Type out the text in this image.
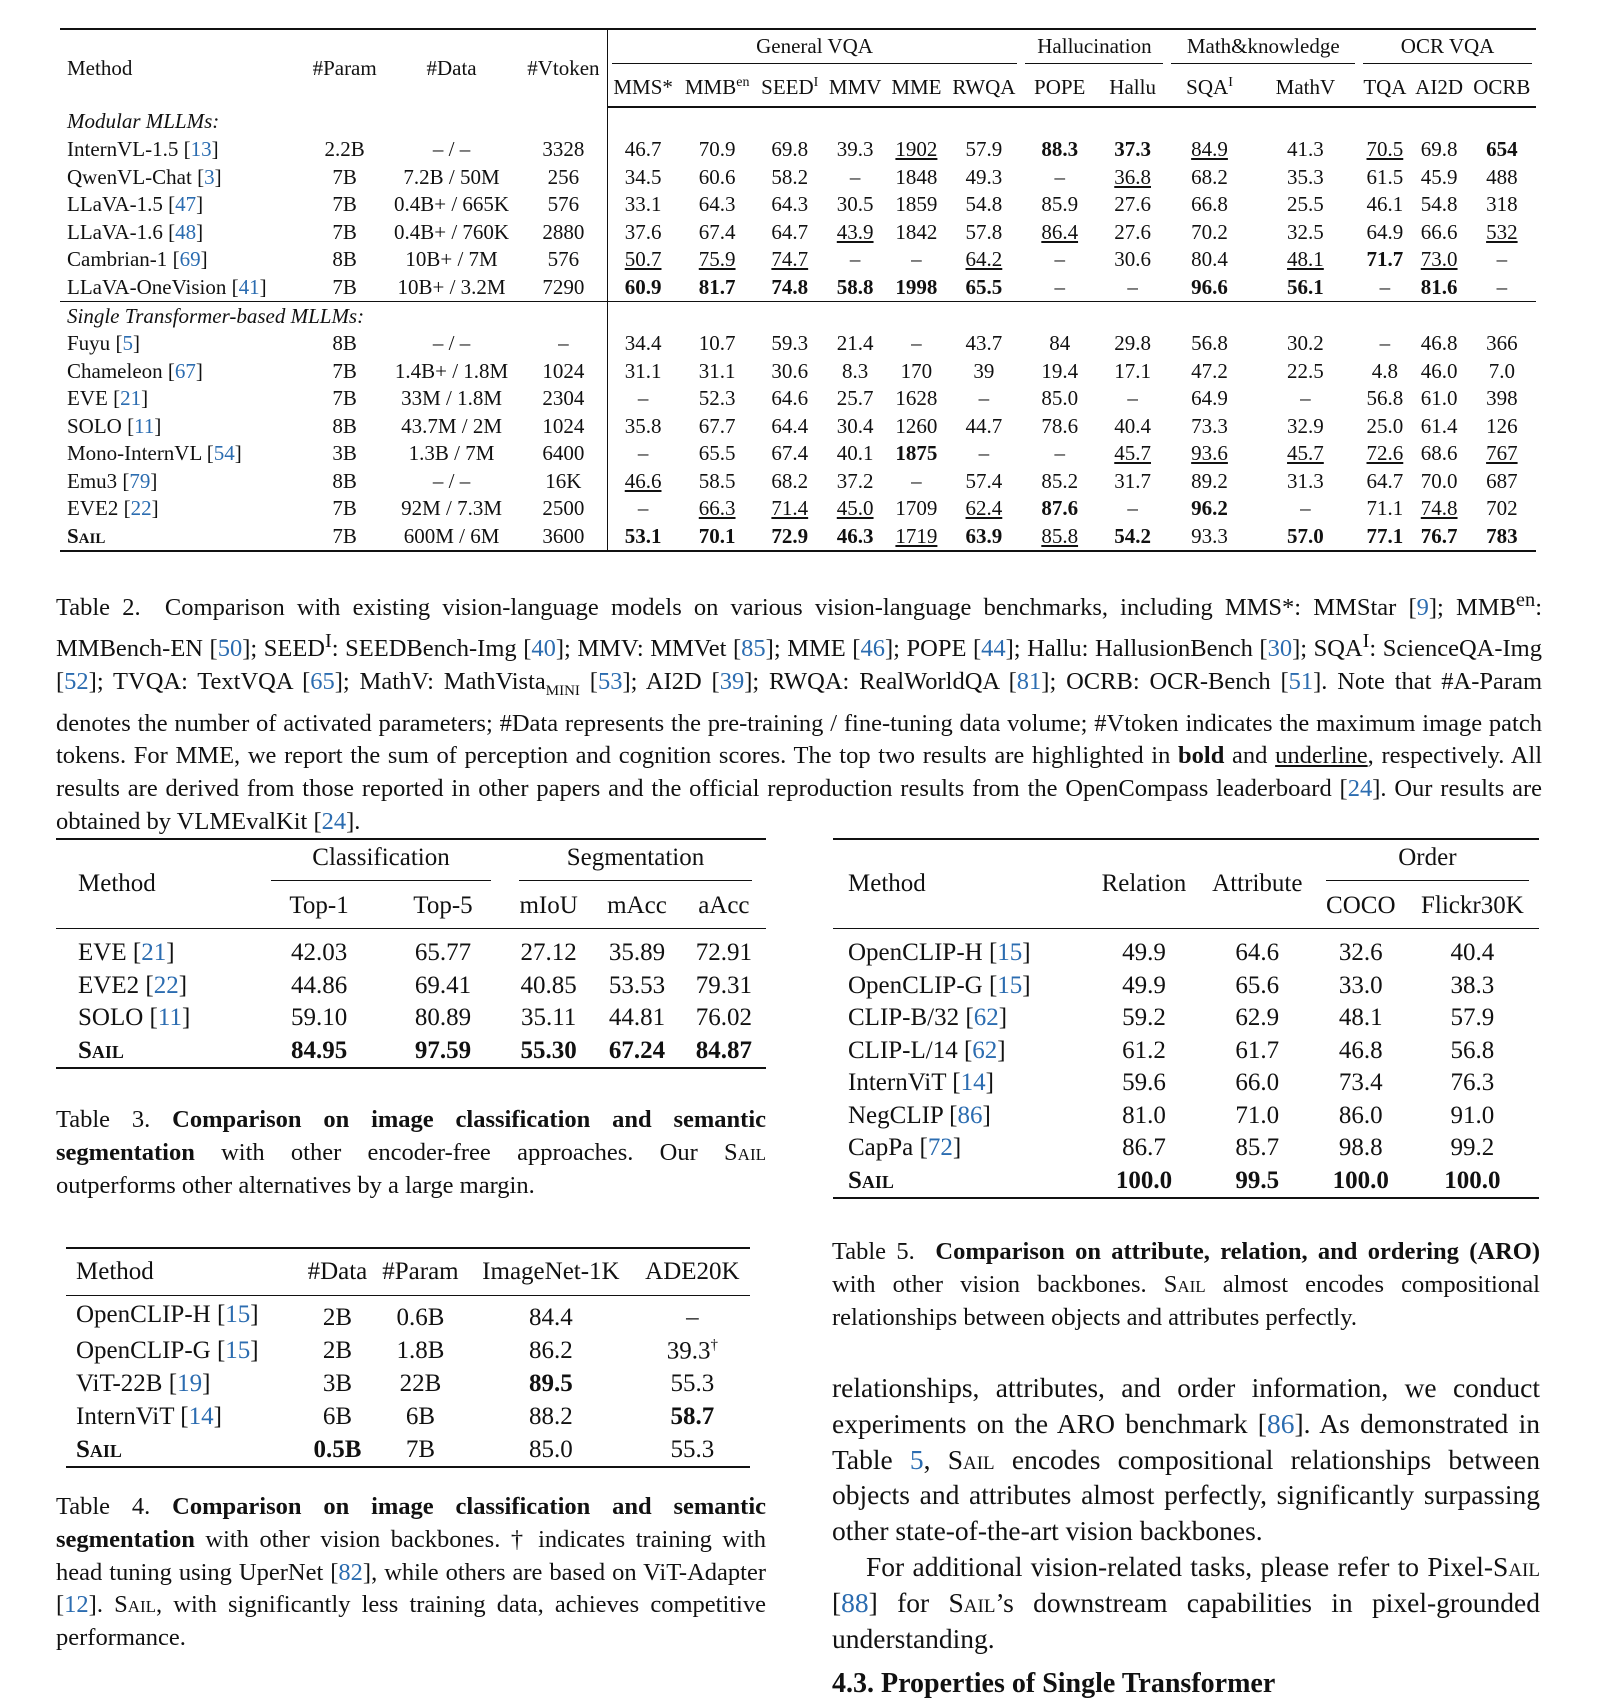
Method	#Param	#Data	#Vtoken	General VQA						Hallucination		Math&knowledge		OCR VQA		

				MMS*	$MMB^{en}$	$SEED^I$	MMV	MME	RWQA	POPE	Hallu	$SQA^I$	MathV	TQA	AI2D	OCRB
Modular MLLMs:																
InternVL-1.5 [13]	2.2B	– / –	3328	46.7	70.9	69.8	39.3	1902	57.9	88.3	37.3	84.9	41.3	70.5	69.8	654
QwenVL-Chat [3]	7B	7.2B / 50M	256	34.5	60.6	58.2	–	1848	49.3	–	36.8	68.2	35.3	61.5	45.9	488
LLaVA-1.5 [47]	7B	0.4B+ / 665K	576	33.1	64.3	64.3	30.5	1859	54.8	85.9	27.6	66.8	25.5	46.1	54.8	318
LLaVA-1.6 [48]	7B	0.4B+ / 760K	2880	37.6	67.4	64.7	43.9	1842	57.8	86.4	27.6	70.2	32.5	64.9	66.6	532
Cambrian-1 [69]	8B	10B+ / 7M	576	50.7	75.9	74.7	–	–	64.2	–	30.6	80.4	48.1	71.7	73.0	–
LLaVA-OneVision [41]	7B	10B+ / 3.2M	7290	60.9	81.7	74.8	58.8	1998	65.5	–	–	96.6	56.1	–	81.6	–
Single Transformer-based MLLMs:																
Fuyu [5]	8B	– / –	–	34.4	10.7	59.3	21.4	–	43.7	84	29.8	56.8	30.2	–	46.8	366
Chameleon [67]	7B	1.4B+ / 1.8M	1024	31.1	31.1	30.6	8.3	170	39	19.4	17.1	47.2	22.5	4.8	46.0	7.0
EVE [21]	7B	33M / 1.8M	2304	–	52.3	64.6	25.7	1628	–	85.0	–	64.9	–	56.8	61.0	398
SOLO [11]	8B	43.7M / 2M	1024	35.8	67.7	64.4	30.4	1260	44.7	78.6	40.4	73.3	32.9	25.0	61.4	126
Mono-InternVL [54]	3B	1.3B / 7M	6400	–	65.5	67.4	40.1	1875	–	–	45.7	93.6	45.7	72.6	68.6	767
Emu3 [79]	8B	– / –	16K	46.6	58.5	68.2	37.2	–	57.4	85.2	31.7	89.2	31.3	64.7	70.0	687
EVE2 [22]	7B	92M / 7.3M	2500	–	66.3	71.4	45.0	1709	62.4	87.6	–	96.2	–	71.1	74.8	702
Sail	7B	600M / 6M	3600	53.1	70.1	72.9	46.3	1719	63.9	85.8	54.2	93.3	57.0	77.1	76.7	783
Table 2.  Comparison with existing vision-language models on various vision-language benchmarks, including MMS*: MMStar [9]; $MMB^{en}$: MMBench-EN [50]; $SEED^I$: SEEDBench-Img [40]; MMV: MMVet [85]; MME [46]; POPE [44]; Hallu: HallusionBench [30]; $SQA^I$: ScienceQA-Img [52]; TVQA: TextVQA [65]; MathV: MathVista$_{MINI}$ [53]; AI2D [39]; RWQA: RealWorldQA [81]; OCRB: OCR-Bench [51]. Note that #A-Param denotes the number of activated parameters; #Data represents the pre-training / fine-tuning data volume; #Vtoken indicates the maximum image patch tokens. For MME, we report the sum of perception and cognition scores. The top two results are highlighted in bold and underline, respectively. All results are derived from those reported in other papers and the official reproduction results from the OpenCompass leaderboard [24]. Our results are obtained by VLMEvalKit [24].
Method	Classification		Segmentation		

	Top-1	Top-5	mIoU	mAcc	aAcc
EVE [21]	42.03	65.77	27.12	35.89	72.91
EVE2 [22]	44.86	69.41	40.85	53.53	79.31
SOLO [11]	59.10	80.89	35.11	44.81	76.02
Sail	84.95	97.59	55.30	67.24	84.87
Table 3. Comparison on image classification and semantic segmentation with other encoder-free approaches. Our Sail outperforms other alternatives by a large margin.
Method	#Data	#Param	ImageNet-1K	ADE20K
OpenCLIP-H [15]	2B	0.6B	84.4	–
OpenCLIP-G [15]	2B	1.8B	86.2	39.3†
ViT-22B [19]	3B	22B	89.5	55.3
InternViT [14]	6B	6B	88.2	58.7
Sail	0.5B	7B	85.0	55.3
Table 4. Comparison on image classification and semantic segmentation with other vision backbones. † indicates training with head tuning using UperNet [82], while others are based on ViT-Adapter [12]. Sail, with significantly less training data, achieves competitive performance.
Method	Relation	Attribute	Order	

			COCO	Flickr30K
OpenCLIP-H [15]	49.9	64.6	32.6	40.4
OpenCLIP-G [15]	49.9	65.6	33.0	38.3
CLIP-B/32 [62]	59.2	62.9	48.1	57.9
CLIP-L/14 [62]	61.2	61.7	46.8	56.8
InternViT [14]	59.6	66.0	73.4	76.3
NegCLIP [86]	81.0	71.0	86.0	91.0
CapPa [72]	86.7	85.7	98.8	99.2
Sail	100.0	99.5	100.0	100.0
Table 5.  Comparison on attribute, relation, and ordering (ARO) with other vision backbones. Sail almost encodes compositional relationships between objects and attributes perfectly.

relationships, attributes, and order information, we conduct experiments on the ARO benchmark [86]. As demonstrated in Table 5, Sail encodes compositional relationships between objects and attributes almost perfectly, significantly surpassing other state-of-the-art vision backbones.

For additional vision-related tasks, please refer to Pixel-Sail [88] for Sail’s downstream capabilities in pixel-grounded understanding.

4.3. Properties of Single Transformer
